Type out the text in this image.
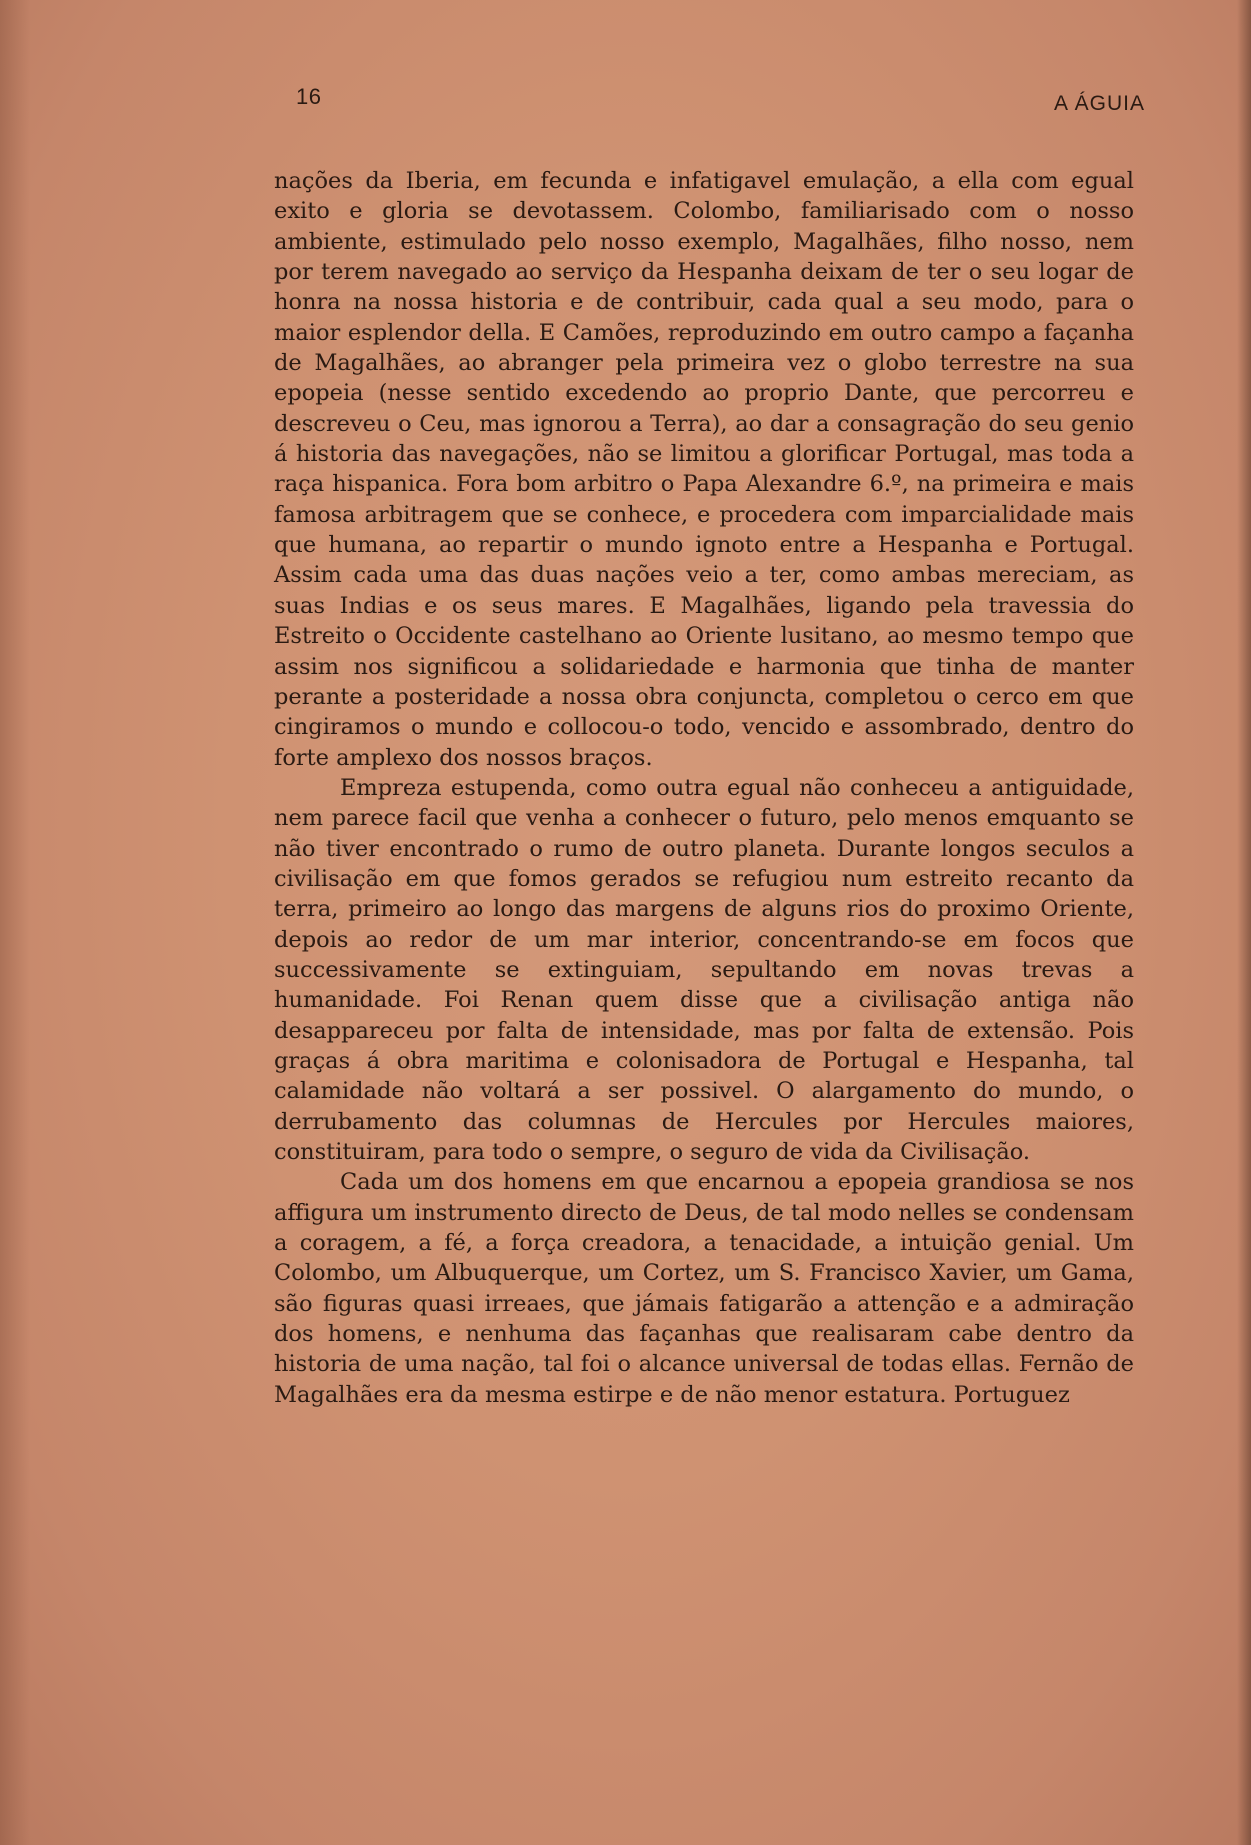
16	A ÁGUIA

nações da Iberia, em fecunda e infatigavel emulação, a ella com egual exito e gloria se devotassem. Colombo, familiarisado com o nosso ambiente, estimulado pelo nosso exemplo, Magalhães, filho nosso, nem por terem navegado ao serviço da Hespanha deixam de ter o seu logar de honra na nossa historia e de contribuir, cada qual a seu modo, para o maior esplendor della. E Camões, reproduzindo em outro campo a façanha de Magalhães, ao abranger pela primeira vez o globo terrestre na sua epopeia (nesse sentido excedendo ao proprio Dante, que percorreu e descreveu o Ceu, mas ignorou a Terra), ao dar a consagração do seu genio á historia das navegações, não se limitou a glorificar Portugal, mas toda a raça hispanica. Fora bom arbitro o Papa Alexandre 6.º, na primeira e mais famosa arbitragem que se conhece, e procedera com imparcialidade mais que humana, ao repartir o mundo ignoto entre a Hespanha e Portugal. Assim cada uma das duas nações veio a ter, como ambas mereciam, as suas Indias e os seus mares. E Magalhães, ligando pela travessia do Estreito o Occidente castelhano ao Oriente lusitano, ao mesmo tempo que assim nos significou a solidariedade e harmonia que tinha de manter perante a posteridade a nossa obra conjuncta, completou o cerco em que cingiramos o mundo e collocou-o todo, vencido e assombrado, dentro do forte amplexo dos nossos braços.

Empreza estupenda, como outra egual não conheceu a antiguidade, nem parece facil que venha a conhecer o futuro, pelo menos emquanto se não tiver encontrado o rumo de outro planeta. Durante longos seculos a civilisação em que fomos gerados se refugiou num estreito recanto da terra, primeiro ao longo das margens de alguns rios do proximo Oriente, depois ao redor de um mar interior, concentrando-se em focos que successivamente se extinguiam, sepultando em novas trevas a humanidade. Foi Renan quem disse que a civilisação antiga não desappareceu por falta de intensidade, mas por falta de extensão. Pois graças á obra maritima e colonisadora de Portugal e Hespanha, tal calamidade não voltará a ser possivel. O alargamento do mundo, o derrubamento das columnas de Hercules por Hercules maiores, constituiram, para todo o sempre, o seguro de vida da Civilisação.

Cada um dos homens em que encarnou a epopeia grandiosa se nos affigura um instrumento directo de Deus, de tal modo nelles se condensam a coragem, a fé, a força creadora, a tenacidade, a intuição genial. Um Colombo, um Albuquerque, um Cortez, um S. Francisco Xavier, um Gama, são figuras quasi irreaes, que jámais fatigarão a attenção e a admiração dos homens, e nenhuma das façanhas que realisaram cabe dentro da historia de uma nação, tal foi o alcance universal de todas ellas. Fernão de Magalhães era da mesma estirpe e de não menor estatura. Portuguez
